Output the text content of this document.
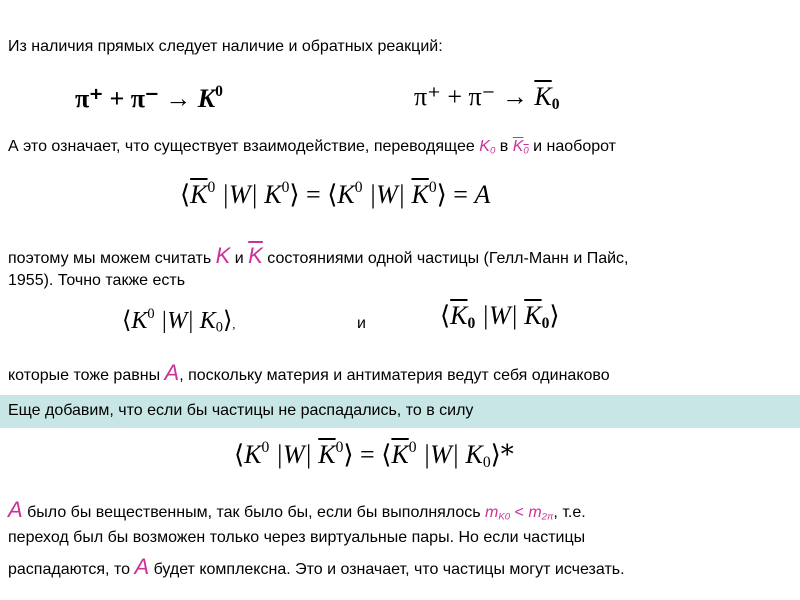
Из наличия прямых следует наличие и обратных реакций:
$\pi^+ + \pi^- \to K^0$	$\pi^+ + \pi^- \to \overline{K}_0$
А это означает, что существует взаимодействие, переводящее $K_0$ в $K_0$ и наоборот
$⟨\overline{K}^0$ |W| $K^0⟩$ = $⟨K^0$ |W| $\overline{K}^0⟩ = A$
поэтому мы можем считать K и $\overline{K}$ состояниями одной частицы (Гелл-Манн и Пайс,
1955). Точно также есть
$⟨K^0$ |W| $K_0⟩$,	и	$⟨\overline{K}_0$ |W| $\overline{K}_0⟩$
которые тоже равны A, поскольку материя и антиматерия ведут себя одинаково
Еще добавим, что если бы частицы не распадались, то в силу
$⟨K^0$ |W| $\overline{K}^0⟩$ = $⟨\overline{K}^0$ |W| $K_0⟩*$
A было бы вещественным, так было бы, если бы выполнялось $m_{K0} < m_{2\pi}$, т.е.
переход был бы возможен только через виртуальные пары. Но если частицы
распадаются, то A будет комплексна. Это и означает, что частицы могут исчезать.
